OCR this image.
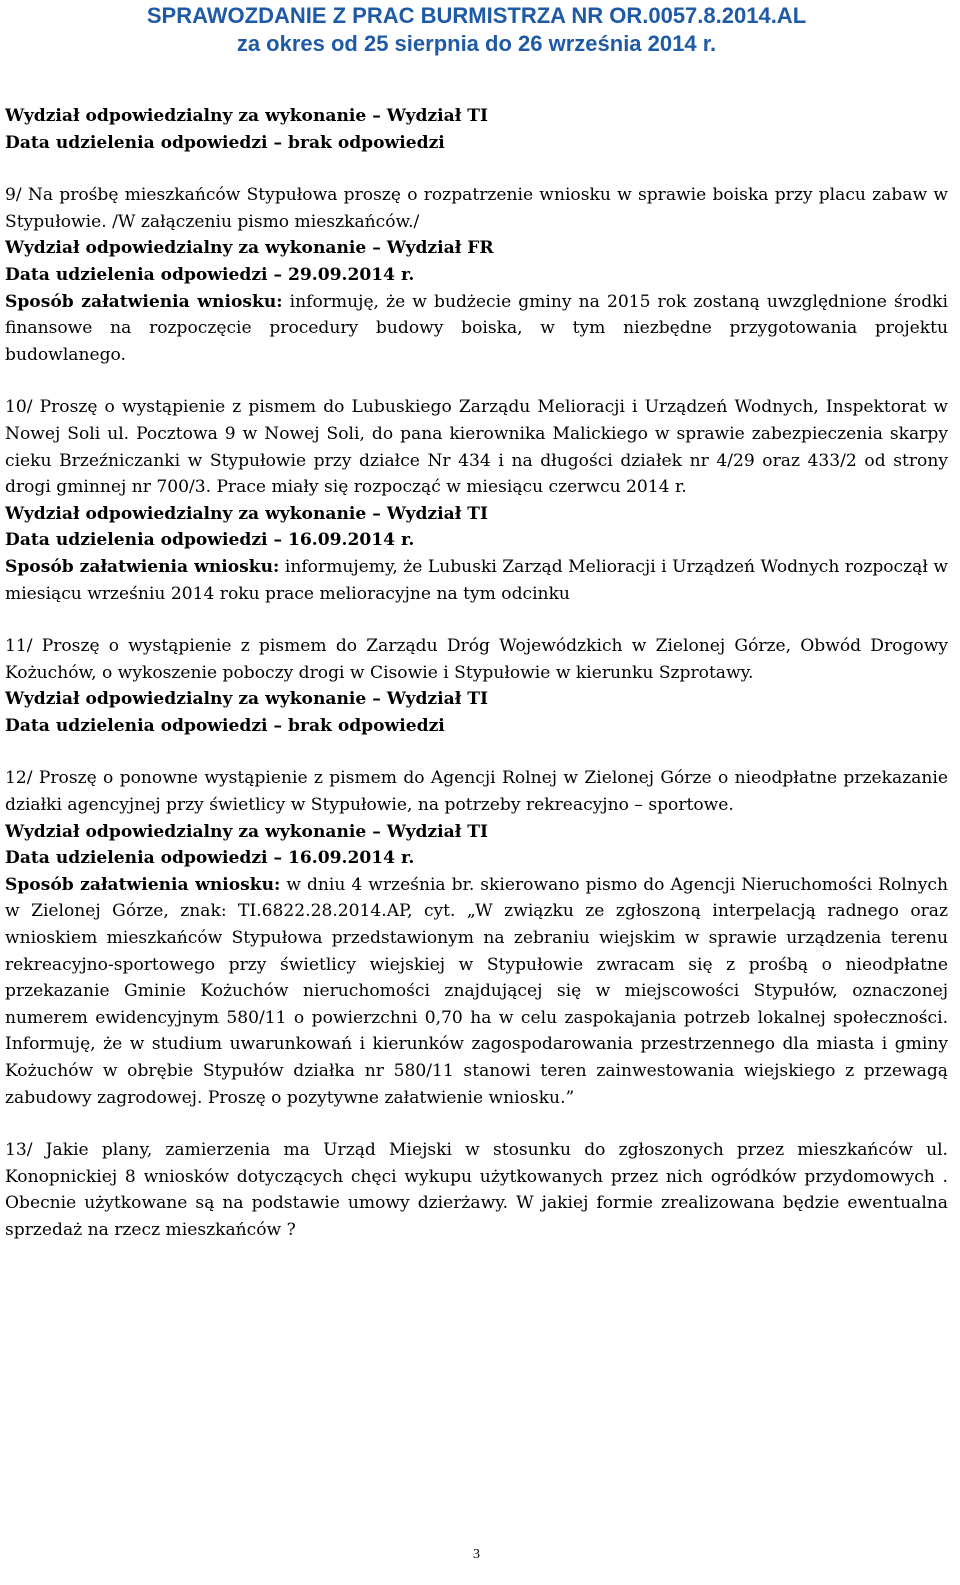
SPRAWOZDANIE Z PRAC BURMISTRZA NR OR.0057.8.2014.AL
za okres od 25 sierpnia do 26 września 2014 r.

Wydział odpowiedzialny za wykonanie – Wydział TI

Data udzielenia odpowiedzi – brak odpowiedzi

9/ Na prośbę mieszkańców Stypułowa proszę o rozpatrzenie wniosku w sprawie boiska przy placu zabaw w Stypułowie. /W załączeniu pismo mieszkańców./

Wydział odpowiedzialny za wykonanie – Wydział FR

Data udzielenia odpowiedzi – 29.09.2014 r.

Sposób załatwienia wniosku: informuję, że w budżecie gminy na 2015 rok zostaną uwzględnione środki finansowe na rozpoczęcie procedury budowy boiska, w tym niezbędne przygotowania projektu budowlanego.

10/ Proszę o wystąpienie z pismem do Lubuskiego Zarządu Melioracji i Urządzeń Wodnych, Inspektorat w Nowej Soli ul. Pocztowa 9 w Nowej Soli, do pana kierownika Malickiego w sprawie zabezpieczenia skarpy cieku Brzeźniczanki w Stypułowie przy działce Nr 434 i na długości działek nr 4/29 oraz 433/2 od strony drogi gminnej nr 700/3. Prace miały się rozpocząć w miesiącu czerwcu 2014 r.

Wydział odpowiedzialny za wykonanie – Wydział TI

Data udzielenia odpowiedzi – 16.09.2014 r.

Sposób załatwienia wniosku: informujemy, że Lubuski Zarząd Melioracji i Urządzeń Wodnych rozpoczął w miesiącu wrześniu 2014 roku prace melioracyjne na tym odcinku

11/ Proszę o wystąpienie z pismem do Zarządu Dróg Wojewódzkich w Zielonej Górze, Obwód Drogowy Kożuchów, o wykoszenie poboczy drogi w Cisowie i Stypułowie w kierunku Szprotawy.

Wydział odpowiedzialny za wykonanie – Wydział TI

Data udzielenia odpowiedzi – brak odpowiedzi

12/ Proszę o ponowne wystąpienie z pismem do Agencji Rolnej w Zielonej Górze o nieodpłatne przekazanie działki agencyjnej przy świetlicy w Stypułowie, na potrzeby rekreacyjno – sportowe.

Wydział odpowiedzialny za wykonanie – Wydział TI

Data udzielenia odpowiedzi – 16.09.2014 r.

Sposób załatwienia wniosku: w dniu 4 września br. skierowano pismo do Agencji Nieruchomości Rolnych w Zielonej Górze, znak: TI.6822.28.2014.AP, cyt. „W związku ze zgłoszoną interpelacją radnego oraz wnioskiem mieszkańców Stypułowa przedstawionym na zebraniu wiejskim w sprawie urządzenia terenu rekreacyjno-sportowego przy świetlicy wiejskiej w Stypułowie zwracam się z prośbą o nieodpłatne przekazanie Gminie Kożuchów nieruchomości znajdującej się w miejscowości Stypułów, oznaczonej numerem ewidencyjnym 580/11 o powierzchni 0,70 ha w celu zaspokajania potrzeb lokalnej społeczności. Informuję, że w studium uwarunkowań i kierunków zagospodarowania przestrzennego dla miasta i gminy Kożuchów w obrębie Stypułów działka nr 580/11 stanowi teren zainwestowania wiejskiego z przewagą zabudowy zagrodowej. Proszę o pozytywne załatwienie wniosku.”

13/ Jakie plany, zamierzenia ma Urząd Miejski w stosunku do zgłoszonych przez mieszkańców ul. Konopnickiej 8 wniosków dotyczących chęci wykupu użytkowanych przez nich ogródków przydomowych . Obecnie użytkowane są na podstawie umowy dzierżawy. W jakiej formie zrealizowana będzie ewentualna sprzedaż na rzecz mieszkańców ?

3
